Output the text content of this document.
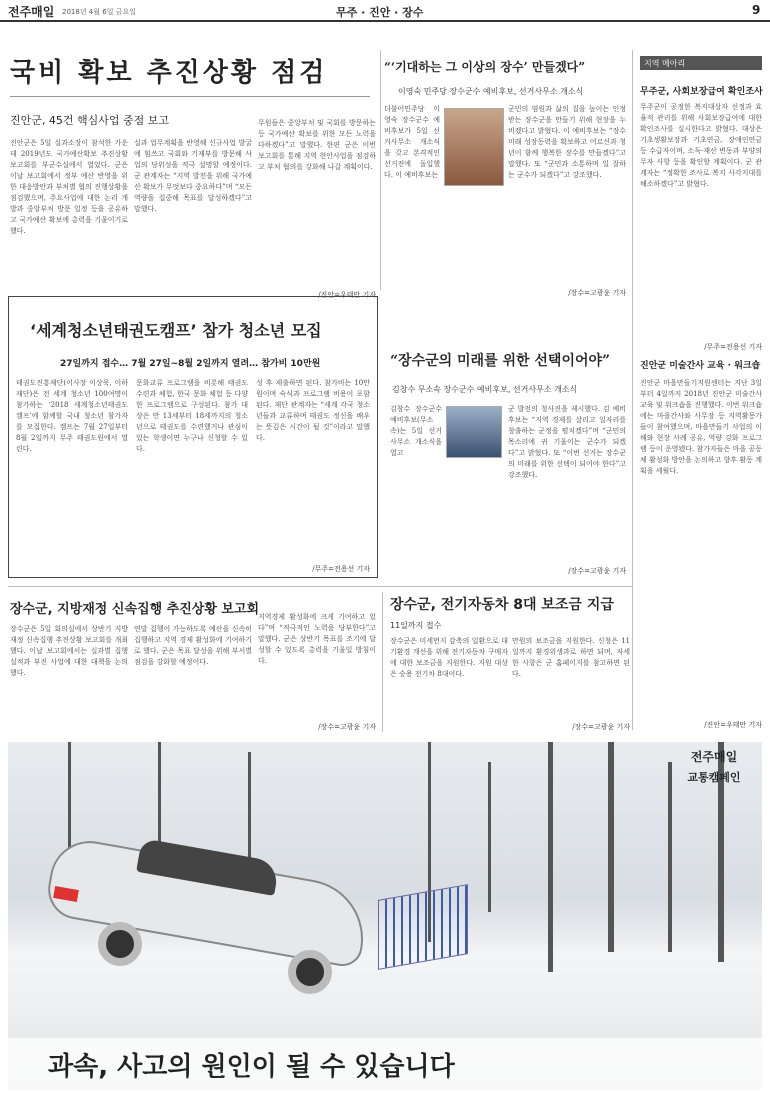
전주매일 2018년 4월 6일 금요일	무주 · 진안 · 장수	9
국비 확보 추진상황 점검
진안군, 45건 핵심사업 중점 보고
진안군은 5일 실과소장이 참석한 가운데 2019년도 국가예산확보 추진상황 보고회를 부군수실에서 열었다. 군은 이날 보고회에서 정부 예산 반영을 위한 대응방안과 부처별 협의 진행상황을 점검했으며, 주요사업에 대한 논리 개발과 중앙부처 방문 일정 등을 공유하고 국가예산 확보에 총력을 기울이기로 했다.
실과 업무계획을 반영해 신규사업 발굴에 힘쓰고 국회와 기재부를 방문해 사업의 당위성을 적극 설명할 예정이다. 군 관계자는 “지역 발전을 위해 국가예산 확보가 무엇보다 중요하다”며 “모든 역량을 집중해 목표를 달성하겠다”고 말했다.
무원들은 중앙부처 및 국회를 방문하는 등 국가예산 확보를 위한 모든 노력을 다하겠다”고 말했다. 한편 군은 이번 보고회를 통해 지역 현안사업을 점검하고 부처 협의를 강화해 나갈 계획이다.
/진안=우태만 기자
“‘기대하는 그 이상의 장수’ 만들겠다”
이영숙 민주당 장수군수 예비후보, 선거사무소 개소식
더불어민주당 이영숙 장수군수 예비후보가 5일 선거사무소 개소식을 갖고 본격적인 선거전에 돌입했다. 이 예비후보는
군민의 염원과 삶의 질을 높이는 인정받는 장수군을 만들기 위해 현장을 누비겠다고 밝혔다. 이 예비후보는 “장수 미래 성장동력을 확보하고 어르신과 청년이 함께 행복한 장수를 만들겠다”고 말했다. 또 “군민과 소통하며 일 잘하는 군수가 되겠다”고 강조했다.
/장수=고광윤 기자
지역 메아리
무주군, 사회보장급여 확인조사
무주군이 공정한 복지대상자 선정과 효율적 관리를 위해 사회보장급여에 대한 확인조사를 실시한다고 밝혔다. 대상은 기초생활보장과 기초연금, 장애인연금 등 수급자이며, 소득·재산 변동과 부양의무자 사항 등을 확인할 계획이다. 군 관계자는 “정확한 조사로 복지 사각지대를 해소하겠다”고 밝혔다.
/무주=전용선 기자
진안군 미술간사 교육 · 워크숍
진안군 마을만들기지원센터는 지난 3일부터 4일까지 2018년 진안군 미술간사 교육 및 워크숍을 진행했다. 이번 워크숍에는 마을간사와 사무장 등 지역활동가들이 참여했으며, 마을만들기 사업의 이해와 현장 사례 공유, 역량 강화 프로그램 등이 운영됐다. 참가자들은 마을 공동체 활성화 방안을 논의하고 향후 활동 계획을 세웠다.
/진안=우태만 기자
‘세계청소년태권도캠프’ 참가 청소년 모집
27일까지 접수… 7월 27일~8월 2일까지 열려… 참가비 10만원
태권도진흥재단(이사장 이상욱, 이하 재단)은 전 세계 청소년 100여명이 참가하는 ‘2018 세계청소년태권도캠프’에 함께할 국내 청소년 참가자를 모집한다. 캠프는 7월 27일부터 8월 2일까지 무주 태권도원에서 열린다.
문화교류 프로그램을 비롯해 태권도 수련과 체험, 한국 문화 체험 등 다양한 프로그램으로 구성된다. 참가 대상은 만 13세부터 18세까지의 청소년으로 태권도를 수련했거나 관심이 있는 학생이면 누구나 신청할 수 있다.
성 후 제출하면 된다. 참가비는 10만원이며 숙식과 프로그램 비용이 포함된다. 재단 관계자는 “세계 각국 청소년들과 교류하며 태권도 정신을 배우는 뜻깊은 시간이 될 것”이라고 말했다.
/무주=전용선 기자
“장수군의 미래를 위한 선택이어야”
김창수 무소속 장수군수 예비후보, 선거사무소 개소식
김창수 장수군수 예비후보(무소속)는 5일 선거사무소 개소식을 열고
군 발전의 청사진을 제시했다. 김 예비후보는 “지역 경제를 살리고 일자리를 창출하는 군정을 펼치겠다”며 “군민의 목소리에 귀 기울이는 군수가 되겠다”고 밝혔다. 또 “이번 선거는 장수군의 미래를 위한 선택이 되어야 한다”고 강조했다.
/장수=고광윤 기자
장수군, 지방재정 신속집행 추진상황 보고회
장수군은 5일 회의실에서 상반기 지방재정 신속집행 추진상황 보고회를 개최했다. 이날 보고회에서는 실과별 집행 실적과 부진 사업에 대한 대책을 논의했다.
연말 집행이 가능하도록 예산을 신속히 집행하고 지역 경제 활성화에 기여하기로 했다. 군은 목표 달성을 위해 부서별 점검을 강화할 예정이다.
지역경제 활성화에 크게 기여하고 있다”며 “적극적인 노력을 당부한다”고 말했다. 군은 상반기 목표를 조기에 달성할 수 있도록 총력을 기울일 방침이다.
/장수=고광윤 기자
장수군, 전기자동차 8대 보조금 지급
11일까지 접수
장수군은 미세먼지 감축의 일환으로 대기환경 개선을 위해 전기자동차 구매자에 대한 보조금을 지원한다. 지원 대상은 승용 전기차 8대이다.
만원의 보조금을 지원한다. 신청은 11일까지 환경위생과로 하면 되며, 자세한 사항은 군 홈페이지를 참고하면 된다.
/장수=고광윤 기자
전주매일
교통캠페인
과속, 사고의 원인이 될 수 있습니다
